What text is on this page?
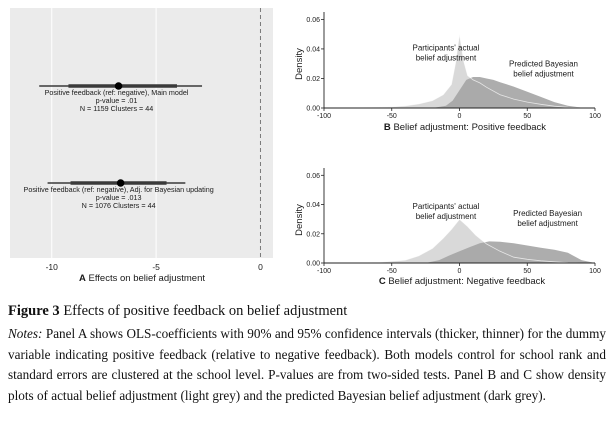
Positive feedback (ref: negative), Main model
p-value = .01
N = 1159 Clusters = 44
Positive feedback (ref: negative), Adj. for Bayesian updating
p-value = .013
N = 1076 Clusters = 44
-10	-5	0
A Effects on belief adjustment
Density
0.00
0.02
0.04
0.06
-100	-50	0	50	100
Participants' actual
belief adjustment
Predicted Bayesian
belief adjustment
B Belief adjustment: Positive feedback
Density
0.00
0.02
0.04
0.06
-100	-50	0	50	100
Participants' actual
belief adjustment	Predicted Bayesian
belief adjustment
C Belief adjustment: Negative feedback
Figure 3 Effects of positive feedback on belief adjustment
Notes: Panel A shows OLS-coefficients with 90% and 95% confidence intervals (thicker, thinner) for the dummy variable indicating positive feedback (relative to negative feedback). Both models control for school rank and standard errors are clustered at the school level. P-values are from two-sided tests. Panel B and C show density plots of actual belief adjustment (light grey) and the predicted Bayesian belief adjustment (dark grey).
